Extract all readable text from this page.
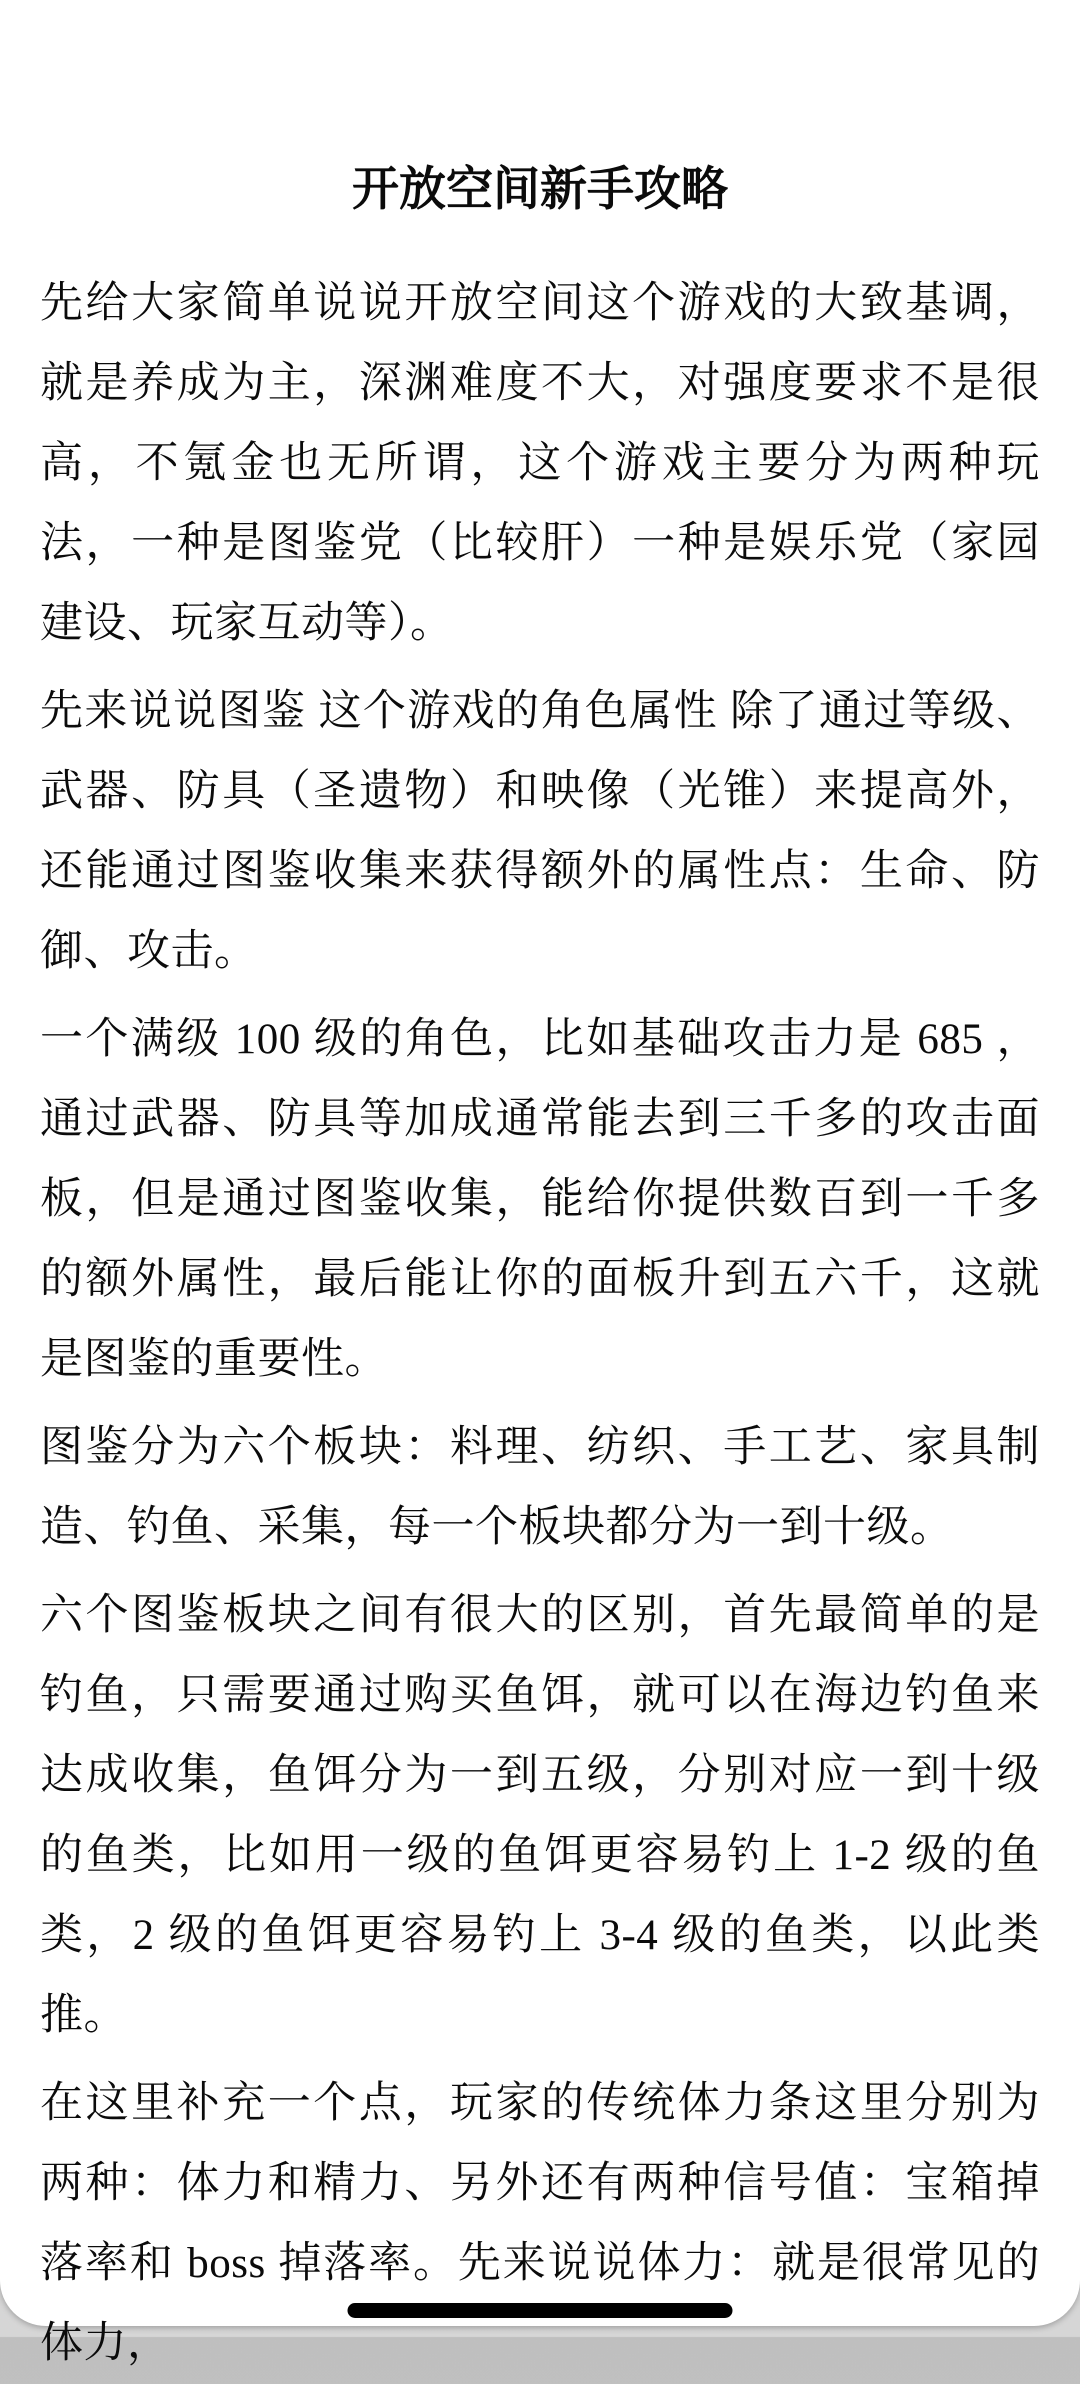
开放空间新手攻略

先给大家简单说说开放空间这个游戏的大致基调，就是养成为主，深渊难度不大，对强度要求不是很高，不氪金也无所谓，这个游戏主要分为两种玩法，一种是图鉴党（比较肝）一种是娱乐党（家园建设、玩家互动等）。

先来说说图鉴 这个游戏的角色属性 除了通过等级、武器、防具（圣遗物）和映像（光锥）来提高外，还能通过图鉴收集来获得额外的属性点：生命、防御、攻击。

一个满级 100 级的角色，比如基础攻击力是 685 ，通过武器、防具等加成通常能去到三千多的攻击面板，但是通过图鉴收集，能给你提供数百到一千多的额外属性，最后能让你的面板升到五六千，这就是图鉴的重要性。

图鉴分为六个板块：料理、纺织、手工艺、家具制造、钓鱼、采集，每一个板块都分为一到十级。

六个图鉴板块之间有很大的区别，首先最简单的是钓鱼，只需要通过购买鱼饵，就可以在海边钓鱼来达成收集，鱼饵分为一到五级，分别对应一到十级的鱼类，比如用一级的鱼饵更容易钓上 1-2 级的鱼类，2 级的鱼饵更容易钓上 3-4 级的鱼类，以此类推。

在这里补充一个点，玩家的传统体力条这里分别为两种：体力和精力、另外还有两种信号值：宝箱掉落率和 boss 掉落率。先来说说体力：就是很常见的体力，
